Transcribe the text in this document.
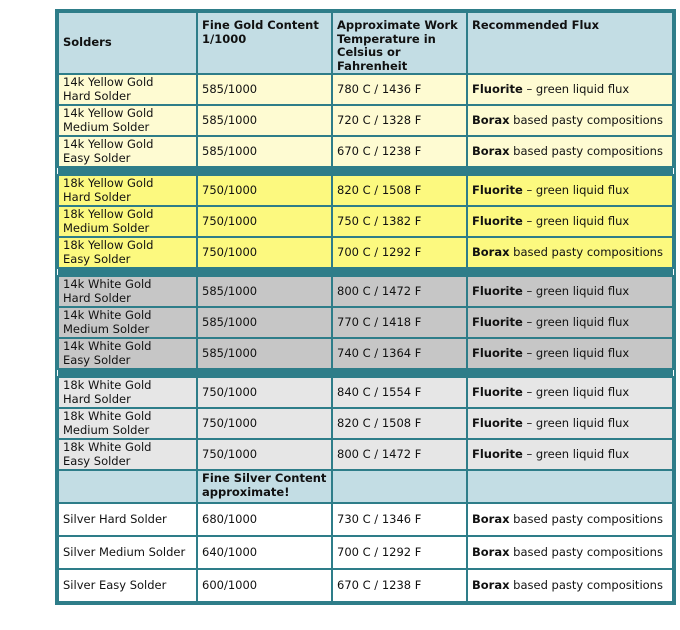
Solders	Fine Gold Content 1/1000	Approximate Work Temperature in Celsius or Fahrenheit	Recommended Flux

14k Yellow Gold
Hard Solder	585/1000	780 C / 1436 F	Fluorite – green liquid flux

14k Yellow Gold
Medium Solder	585/1000	720 C / 1328 F	Borax based pasty compositions

14k Yellow Gold
Easy Solder	585/1000	670 C / 1238 F	Borax based pasty compositions

18k Yellow Gold
Hard Solder	750/1000	820 C / 1508 F	Fluorite – green liquid flux

18k Yellow Gold
Medium Solder	750/1000	750 C / 1382 F	Fluorite – green liquid flux

18k Yellow Gold
Easy Solder	750/1000	700 C / 1292 F	Borax based pasty compositions

14k White Gold
Hard Solder	585/1000	800 C / 1472 F	Fluorite – green liquid flux

14k White Gold
Medium Solder	585/1000	770 C / 1418 F	Fluorite – green liquid flux

14k White Gold
Easy Solder	585/1000	740 C / 1364 F	Fluorite – green liquid flux

18k White Gold
Hard Solder	750/1000	840 C / 1554 F	Fluorite – green liquid flux

18k White Gold
Medium Solder	750/1000	820 C / 1508 F	Fluorite – green liquid flux

18k White Gold
Easy Solder	750/1000	800 C / 1472 F	Fluorite – green liquid flux
	Fine Silver Content approximate!		
Silver Hard Solder	680/1000	730 C / 1346 F	Borax based pasty compositions
Silver Medium Solder	640/1000	700 C / 1292 F	Borax based pasty compositions
Silver Easy Solder	600/1000	670 C / 1238 F	Borax based pasty compositions
